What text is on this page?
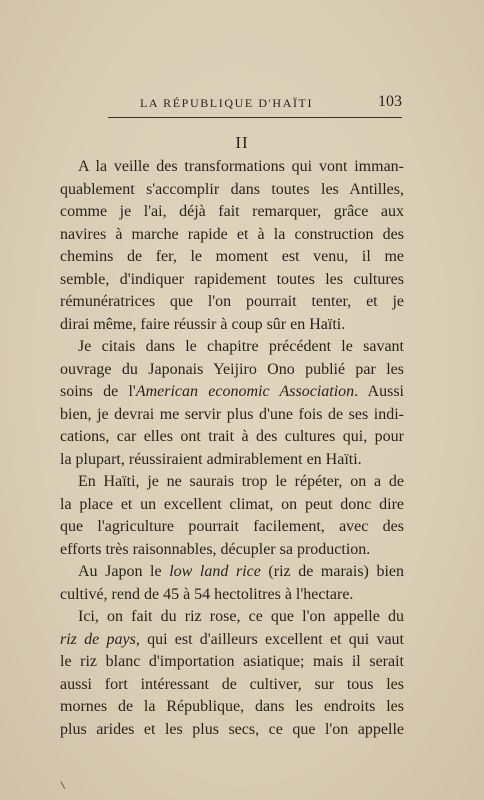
LA RÉPUBLIQUE D'HAÏTI	103
II
A la veille des transformations qui vont imman-
quablement s'accomplir dans toutes les Antilles,
comme je l'ai, déjà fait remarquer, grâce aux
navires à marche rapide et à la construction des
chemins de fer, le moment est venu, il me
semble, d'indiquer rapidement toutes les cultures
rémunératrices que l'on pourrait tenter, et je
dirai même, faire réussir à coup sûr en Haïti.
Je citais dans le chapitre précédent le savant
ouvrage du Japonais Yeijiro Ono publié par les
soins de l'American economic Association. Aussi
bien, je devrai me servir plus d'une fois de ses indi-
cations, car elles ont trait à des cultures qui, pour
la plupart, réussiraient admirablement en Haïti.
En Haïti, je ne saurais trop le répéter, on a de
la place et un excellent climat, on peut donc dire
que l'agriculture pourrait facilement, avec des
efforts très raisonnables, décupler sa production.
Au Japon le low land rice (riz de marais) bien
cultivé, rend de 45 à 54 hectolitres à l'hectare.
Ici, on fait du riz rose, ce que l'on appelle du
riz de pays, qui est d'ailleurs excellent et qui vaut
le riz blanc d'importation asiatique; mais il serait
aussi fort intéressant de cultiver, sur tous les
mornes de la République, dans les endroits les
plus arides et les plus secs, ce que l'on appelle
